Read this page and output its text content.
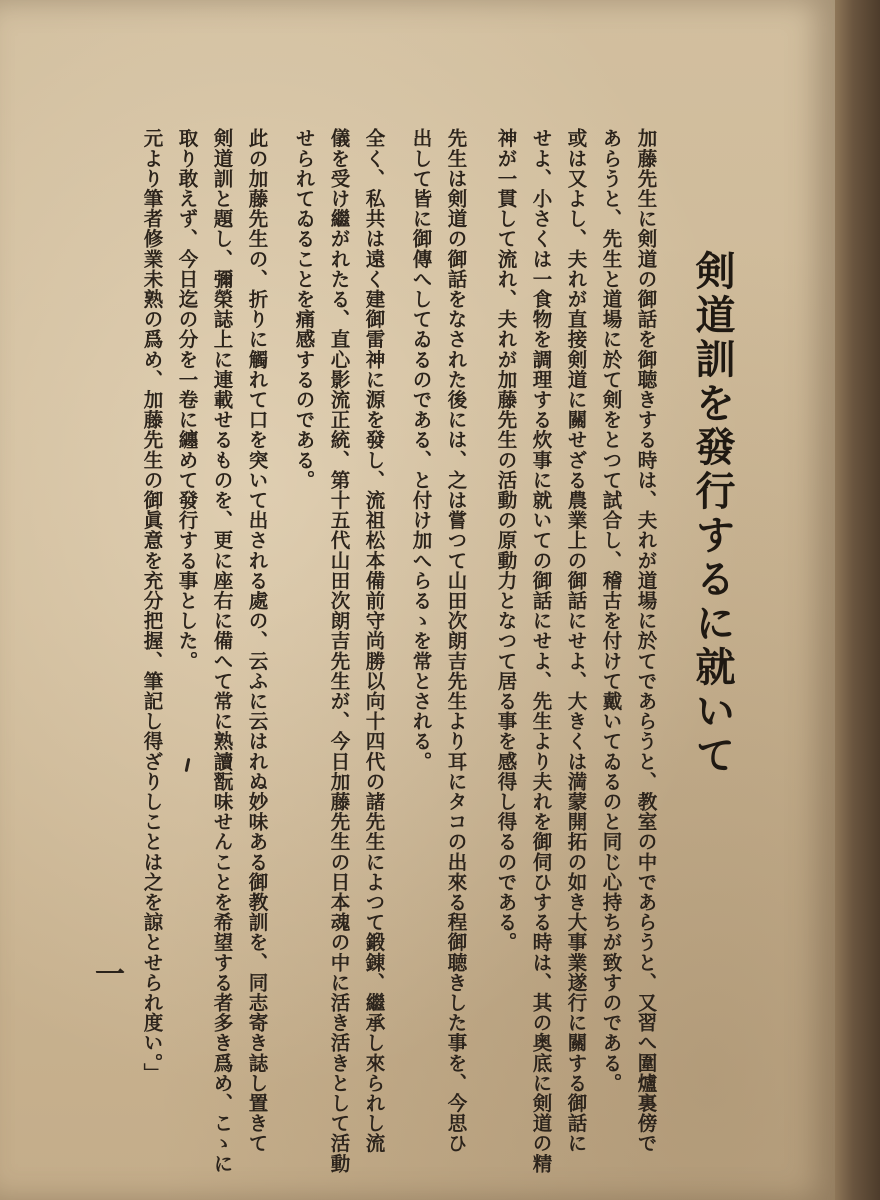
剣道訓を發行するに就いて
加藤先生に剣道の御話を御聴きする時は、夫れが道場に於てであらうと、教室の中であらうと、又習へ圍爐裏傍で
あらうと、先生と道場に於て剣をとつて試合し、稽古を付けて戴いてゐるのと同じ心持ちが致すのである。
或は又よし、夫れが直接剣道に關せざる農業上の御話にせよ、大きくは満蒙開拓の如き大事業遂行に關する御話に
せよ、小さくは一食物を調理する炊事に就いての御話にせよ、先生より夫れを御伺ひする時は、其の奥底に剣道の精
神が一貫して流れ、夫れが加藤先生の活動の原動力となつて居る事を感得し得るのである。
先生は剣道の御話をなされた後には、之は嘗つて山田次朗吉先生より耳にタコの出來る程御聴きした事を、今思ひ
出して皆に御傳へしてゐるのである、と付け加へらるゝを常とされる。
全く、私共は遠く建御雷神に源を發し、流祖松本備前守尚勝以向十四代の諸先生によつて鍛錬、繼承し來られし流
儀を受け繼がれたる、直心影流正統、第十五代山田次朗吉先生が、今日加藤先生の日本魂の中に活き活きとして活動
せられてゐることを痛感するのである。
此の加藤先生の、折りに觸れて口を突いて出される處の、云ふに云はれぬ妙味ある御教訓を、同志寄き誌し置きて
剣道訓と題し、彌榮誌上に連載せるものを、更に座右に備へて常に熟讀翫味せんことを希望する者多き爲め、こゝに
取り敢えず、今日迄の分を一卷に纏めて發行する事とした。
元より筆者修業未熟の爲め、加藤先生の御眞意を充分把握、筆記し得ざりしことは之を諒とせられ度い。」
一
